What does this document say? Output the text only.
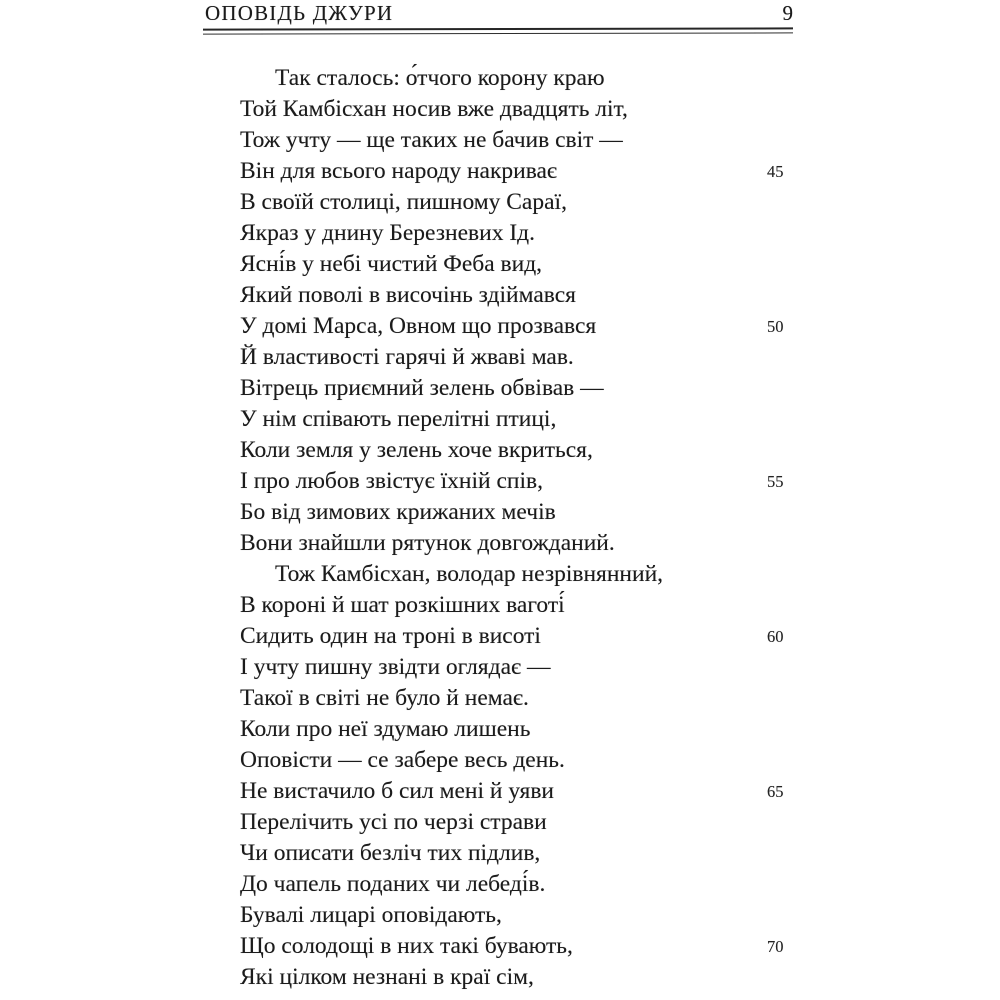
ОПОВІДЬ ДЖУРИ	9
Так сталось: о́тчого корону краю
Той Камбісхан носив вже двадцять літ,
Тож учту — ще таких не бачив світ —
Він для всього народу накриває	45
В своїй столиці, пишному Сараї,
Якраз у днину Березневих Ід.
Ясні́в у небі чистий Феба вид,
Який поволі в височінь здіймався
У домі Марса, Овном що прозвався	50
Й властивості гарячі й жваві мав.
Вітрець приємний зелень обвівав —
У нім співають перелітні птиці,
Коли земля у зелень хоче вкриться,
І про любов звістує їхній спів,	55
Бо від зимових крижаних мечів
Вони знайшли рятунок довгожданий.
Тож Камбісхан, володар незрівнянний,
В короні й шат розкішних ваготі́
Сидить один на троні в висоті	60
І учту пишну звідти оглядає —
Такої в світі не було й немає.
Коли про неї здумаю лишень
Оповісти — се забере весь день.
Не вистачило б сил мені й уяви	65
Перелічить усі по черзі страви
Чи описати безліч тих підлив,
До чапель поданих чи лебеді́в.
Бувалі лицарі оповідають,
Що солодощі в них такі бувають,	70
Які цілком незнані в краї сім,
